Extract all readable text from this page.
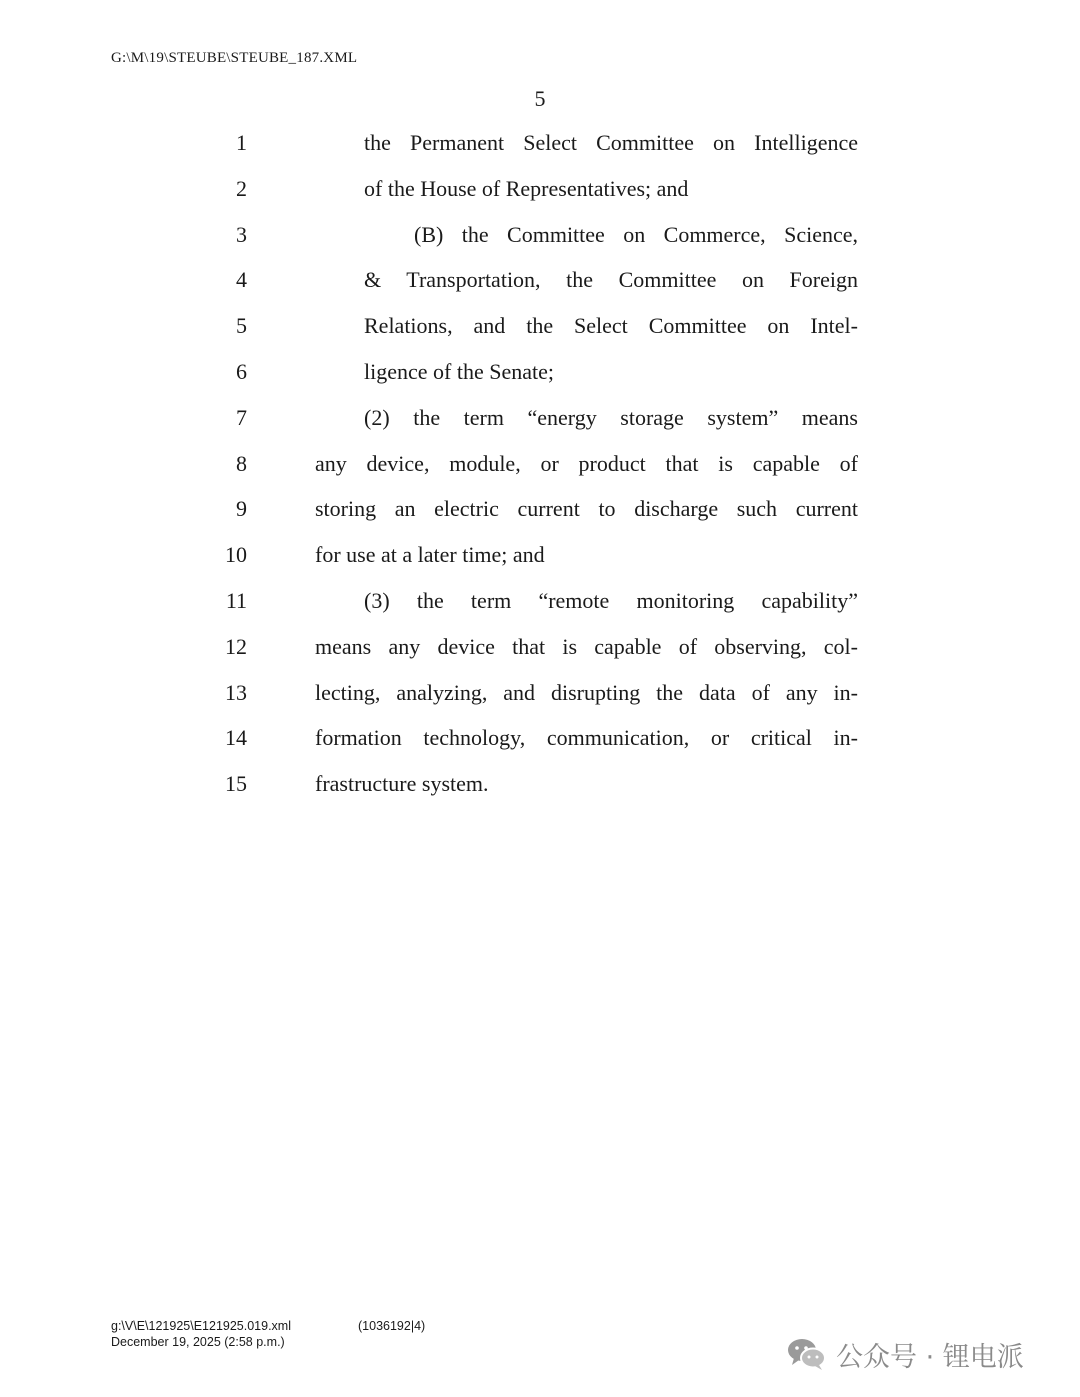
G:\M\19\STEUBE\STEUBE_187.XML
5
1	the Permanent Select Committee on Intelligence
2	of the House of Representatives; and
3	(B) the Committee on Commerce, Science,
4	& Transportation, the Committee on Foreign
5	Relations, and the Select Committee on Intel-
6	ligence of the Senate;
7	(2) the term “energy storage system” means
8	any device, module, or product that is capable of
9	storing an electric current to discharge such current
10	for use at a later time; and
11	(3) the term “remote monitoring capability”
12	means any device that is capable of observing, col-
13	lecting, analyzing, and disrupting the data of any in-
14	formation technology, communication, or critical in-
15	frastructure system.
g:\V\E\121925\E121925.019.xml	(1036192|4)
December 19, 2025 (2:58 p.m.)	公众号 · 锂电派
